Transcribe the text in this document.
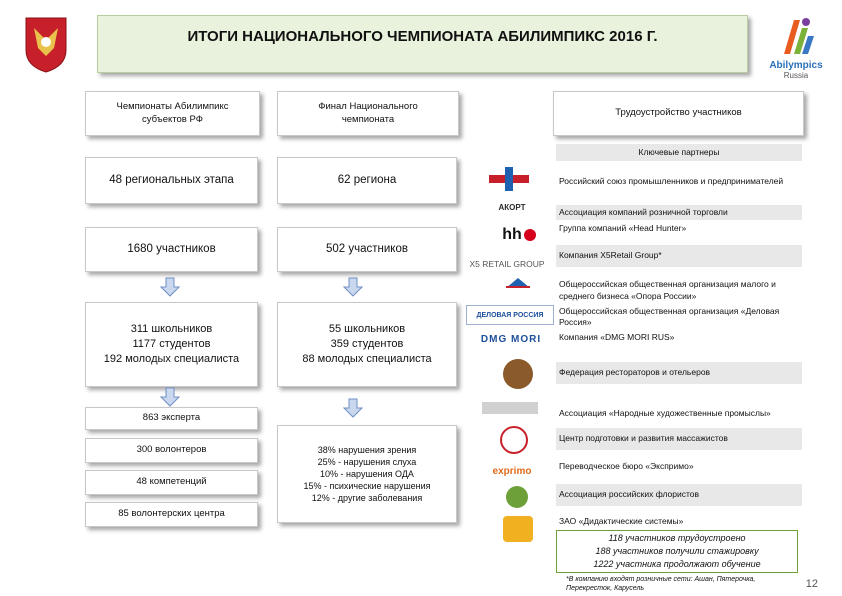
ИТОГИ НАЦИОНАЛЬНОГО ЧЕМПИОНАТА АБИЛИМПИКС 2016 Г.
Abilympics
Russia
Чемпионаты Абилимпикс субъектов РФ
Финал Национального чемпионата
Трудоустройство участников
48 региональных этапа
1680 участников
311 школьников
1177 студентов
192 молодых специалиста
863 эксперта
300 волонтеров
48 компетенций
85 волонтерских центра
62 региона
502 участников
55 школьников
359 студентов
88 молодых специалиста
38% нарушения зрения
25% - нарушения слуха
10% - нарушения ОДА
15% - психические нарушения
12% - другие заболевания
Ключевые партнеры
Российский союз промышленников и предпринимателей
Ассоциация компаний розничной торговли
Группа компаний «Head Hunter»
Компания X5Retail Group*
Общероссийская общественная организация малого и среднего бизнеса «Опора России»
Общероссийская общественная организация «Деловая Россия»
Компания «DMG MORI RUS»
Федерация рестораторов и отельеров
Ассоциация «Народные художественные промыслы»
Центр подготовки и развития массажистов
Переводческое бюро «Экспримо»
Ассоциация российских флористов
ЗАО «Дидактические системы»
АКОРТ
hh
X5 RETAIL GROUP
ДЕЛОВАЯ РОССИЯ
DMG MORI
exprimo
118 участников трудоустроено
188 участников получили стажировку
1222 участника продолжают обучение
*В компанию входят розничные сети: Ашан, Пятерочка, Перекресток, Карусель	12
